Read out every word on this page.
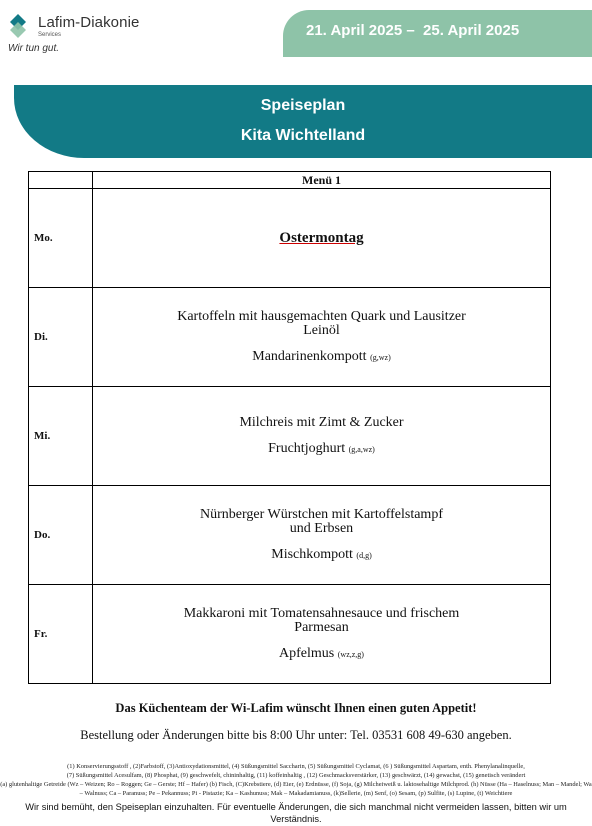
Lafim-Diakonie
Services
Wir tun gut.
21. April 2025 –  25. April 2025
Speiseplan
Kita Wichtelland
	Menü 1
Mo.	Ostermontag

Di.	Kartoffeln mit hausgemachten Quark und Lausitzer Leinöl
Mandarinenkompott (g,wz)

Mi.	Milchreis mit Zimt & Zucker
Fruchtjoghurt (g,a,wz)

Do.	Nürnberger Würstchen mit Kartoffelstampf und Erbsen
Mischkompott (d,g)

Fr.	Makkaroni mit Tomatensahnesauce und frischem Parmesan
Apfelmus (wz,z,g)
Das Küchenteam der Wi-Lafim wünscht Ihnen einen guten Appetit!
Bestellung oder Änderungen bitte bis 8:00 Uhr unter: Tel. 03531 608 49-630 angeben.
(1) Konservierungsstoff , (2)Farbstoff, (3)Antioxydationsmittel, (4) Süßungsmittel Saccharin, (5) Süßungsmittel Cyclamat, (6 ) Süßungsmittel Aspartam, enth. Phenylanalinquelle,
(7) Süßungsmittel Acesulfam, (8) Phosphat, (9) geschwefelt, chininhaltig, (11) koffeinhaltig , (12) Geschmacksverstärker, (13) geschwärzt, (14) gewachst, (15) genetisch verändert
(a) glutenhaltige Getreide (Wz – Weizen; Ro – Roggen; Ge – Gerste; Hf – Hafer) (b) Fisch, (C)Krebstiere, (d) Eier, (e) Erdnüsse, (f) Soja, (g) Milcheiweiß u. laktosehaltige Milchprod. (h) Nüsse (Ha – Haselnuss; Man – Mandel; Wa – Walnuss; Ca – Paranuss; Pe – Pekannuss; Pi - Pistazie; Ka – Kashunuss; Mak – Makadamianuss, (k)Sellerie, (m) Senf, (o) Sesam, (p) Sulfite, (s) Lupine, (t) Weichtiere
Wir sind bemüht, den Speiseplan einzuhalten. Für eventuelle Änderungen, die sich manchmal nicht vermeiden lassen, bitten wir um Verständnis.
